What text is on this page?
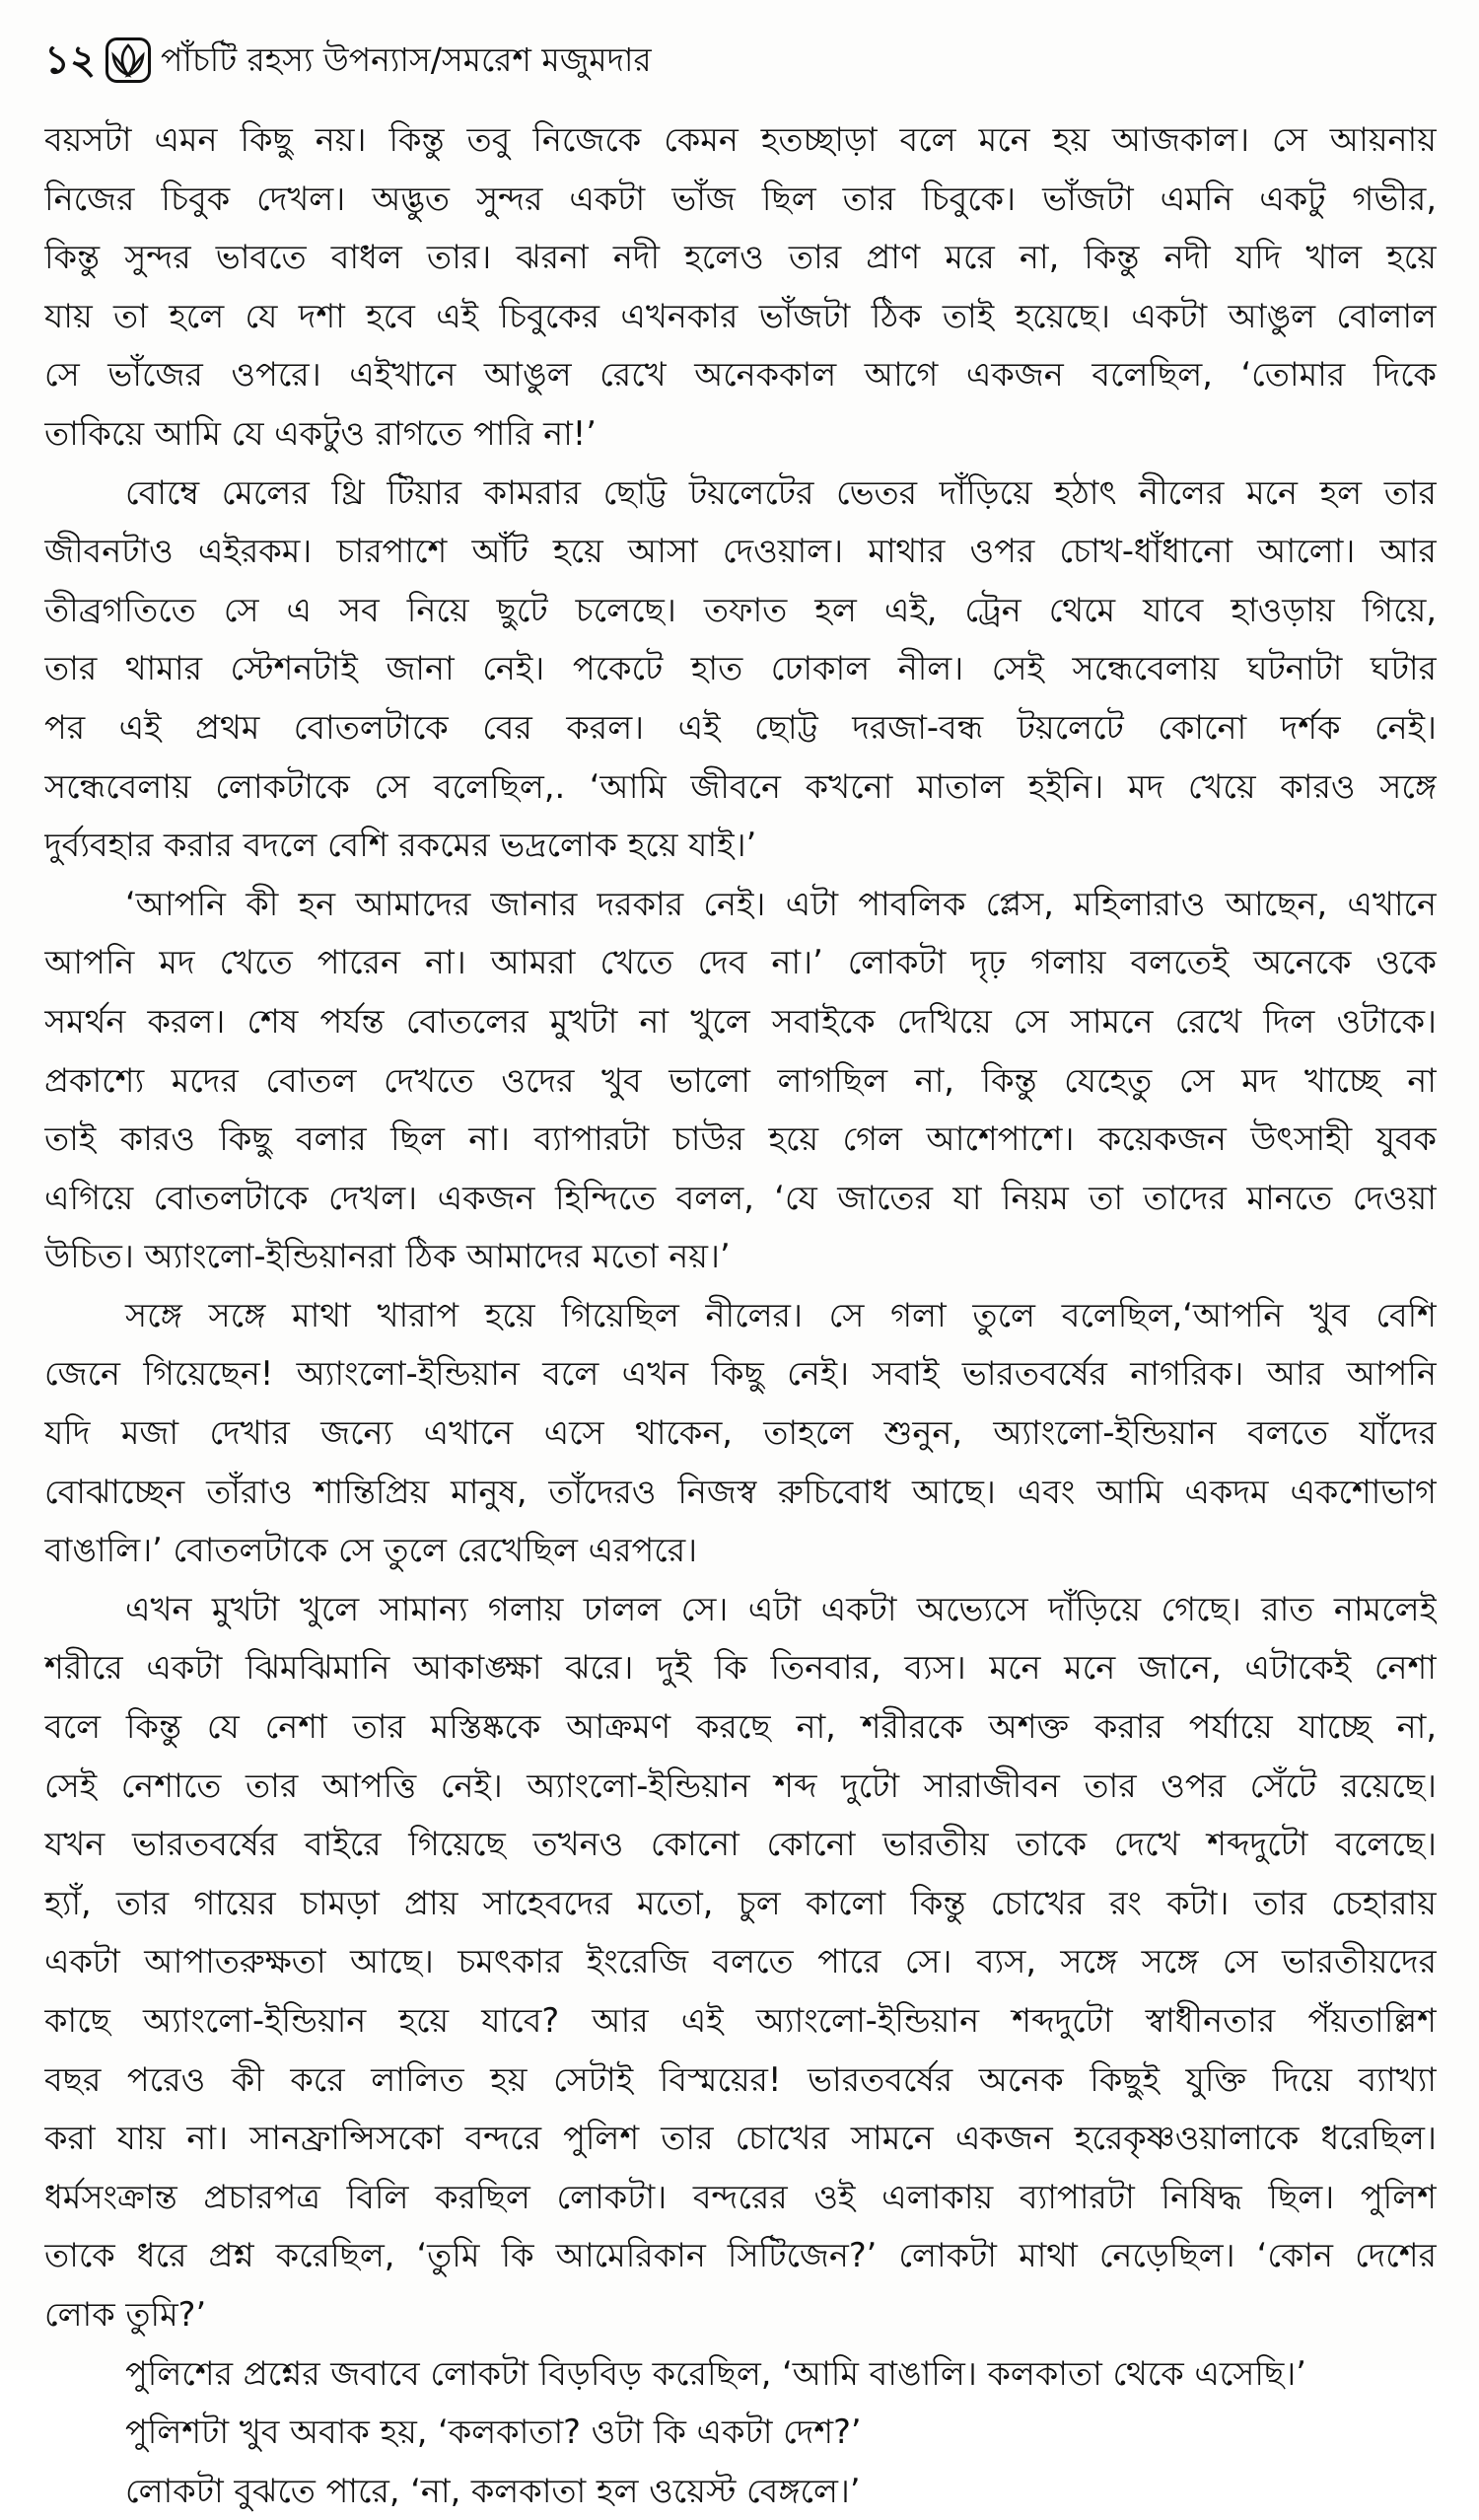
১২ পাঁচটি রহস্য উপন্যাস/সমরেশ মজুমদার
বয়সটা এমন কিছু নয়। কিন্তু তবু নিজেকে কেমন হতচ্ছাড়া বলে মনে হয় আজকাল। সে আয়নায়
নিজের চিবুক দেখল। অদ্ভুত সুন্দর একটা ভাঁজ ছিল তার চিবুকে। ভাঁজটা এমনি একটু গভীর,
কিন্তু সুন্দর ভাবতে বাধল তার। ঝরনা নদী হলেও তার প্রাণ মরে না, কিন্তু নদী যদি খাল হয়ে
যায় তা হলে যে দশা হবে এই চিবুকের এখনকার ভাঁজটা ঠিক তাই হয়েছে। একটা আঙুল বোলাল
সে ভাঁজের ওপরে। এইখানে আঙুল রেখে অনেককাল আগে একজন বলেছিল, ‘তোমার দিকে
তাকিয়ে আমি যে একটুও রাগতে পারি না!’
বোম্বে মেলের থ্রি টিয়ার কামরার ছোট্ট টয়লেটের ভেতর দাঁড়িয়ে হঠাৎ নীলের মনে হল তার
জীবনটাও এইরকম। চারপাশে আঁট হয়ে আসা দেওয়াল। মাথার ওপর চোখ-ধাঁধানো আলো। আর
তীব্রগতিতে সে এ সব নিয়ে ছুটে চলেছে। তফাত হল এই, ট্রেন থেমে যাবে হাওড়ায় গিয়ে,
তার থামার স্টেশনটাই জানা নেই। পকেটে হাত ঢোকাল নীল। সেই সন্ধেবেলায় ঘটনাটা ঘটার
পর এই প্রথম বোতলটাকে বের করল। এই ছোট্ট দরজা-বন্ধ টয়লেটে কোনো দর্শক নেই।
সন্ধেবেলায় লোকটাকে সে বলেছিল,. ‘আমি জীবনে কখনো মাতাল হইনি। মদ খেয়ে কারও সঙ্গে
দুর্ব্যবহার করার বদলে বেশি রকমের ভদ্রলোক হয়ে যাই।’
‘আপনি কী হন আমাদের জানার দরকার নেই। এটা পাবলিক প্লেস, মহিলারাও আছেন, এখানে
আপনি মদ খেতে পারেন না। আমরা খেতে দেব না।’ লোকটা দৃঢ় গলায় বলতেই অনেকে ওকে
সমর্থন করল। শেষ পর্যন্ত বোতলের মুখটা না খুলে সবাইকে দেখিয়ে সে সামনে রেখে দিল ওটাকে।
প্রকাশ্যে মদের বোতল দেখতে ওদের খুব ভালো লাগছিল না, কিন্তু যেহেতু সে মদ খাচ্ছে না
তাই কারও কিছু বলার ছিল না। ব্যাপারটা চাউর হয়ে গেল আশেপাশে। কয়েকজন উৎসাহী যুবক
এগিয়ে বোতলটাকে দেখল। একজন হিন্দিতে বলল, ‘যে জাতের যা নিয়ম তা তাদের মানতে দেওয়া
উচিত। অ্যাংলো-ইন্ডিয়ানরা ঠিক আমাদের মতো নয়।’
সঙ্গে সঙ্গে মাথা খারাপ হয়ে গিয়েছিল নীলের। সে গলা তুলে বলেছিল,‘আপনি খুব বেশি
জেনে গিয়েছেন! অ্যাংলো-ইন্ডিয়ান বলে এখন কিছু নেই। সবাই ভারতবর্ষের নাগরিক। আর আপনি
যদি মজা দেখার জন্যে এখানে এসে থাকেন, তাহলে শুনুন, অ্যাংলো-ইন্ডিয়ান বলতে যাঁদের
বোঝাচ্ছেন তাঁরাও শান্তিপ্রিয় মানুষ, তাঁদেরও নিজস্ব রুচিবোধ আছে। এবং আমি একদম একশোভাগ
বাঙালি।’ বোতলটাকে সে তুলে রেখেছিল এরপরে।
এখন মুখটা খুলে সামান্য গলায় ঢালল সে। এটা একটা অভ্যেসে দাঁড়িয়ে গেছে। রাত নামলেই
শরীরে একটা ঝিমঝিমানি আকাঙ্ক্ষা ঝরে। দুই কি তিনবার, ব্যস। মনে মনে জানে, এটাকেই নেশা
বলে কিন্তু যে নেশা তার মস্তিষ্ককে আক্রমণ করছে না, শরীরকে অশক্ত করার পর্যায়ে যাচ্ছে না,
সেই নেশাতে তার আপত্তি নেই। অ্যাংলো-ইন্ডিয়ান শব্দ দুটো সারাজীবন তার ওপর সেঁটে রয়েছে।
যখন ভারতবর্ষের বাইরে গিয়েছে তখনও কোনো কোনো ভারতীয় তাকে দেখে শব্দদুটো বলেছে।
হ্যাঁ, তার গায়ের চামড়া প্রায় সাহেবদের মতো, চুল কালো কিন্তু চোখের রং কটা। তার চেহারায়
একটা আপাতরুক্ষতা আছে। চমৎকার ইংরেজি বলতে পারে সে। ব্যস, সঙ্গে সঙ্গে সে ভারতীয়দের
কাছে অ্যাংলো-ইন্ডিয়ান হয়ে যাবে? আর এই অ্যাংলো-ইন্ডিয়ান শব্দদুটো স্বাধীনতার পঁয়তাল্লিশ
বছর পরেও কী করে লালিত হয় সেটাই বিস্ময়ের! ভারতবর্ষের অনেক কিছুই যুক্তি দিয়ে ব্যাখ্যা
করা যায় না। সানফ্রান্সিসকো বন্দরে পুলিশ তার চোখের সামনে একজন হরেকৃষ্ণওয়ালাকে ধরেছিল।
ধর্মসংক্রান্ত প্রচারপত্র বিলি করছিল লোকটা। বন্দরের ওই এলাকায় ব্যাপারটা নিষিদ্ধ ছিল। পুলিশ
তাকে ধরে প্রশ্ন করেছিল, ‘তুমি কি আমেরিকান সিটিজেন?’ লোকটা মাথা নেড়েছিল। ‘কোন দেশের
লোক তুমি?’
পুলিশের প্রশ্নের জবাবে লোকটা বিড়বিড় করেছিল, ‘আমি বাঙালি। কলকাতা থেকে এসেছি।’
পুলিশটা খুব অবাক হয়, ‘কলকাতা? ওটা কি একটা দেশ?’
লোকটা বুঝতে পারে, ‘না, কলকাতা হল ওয়েস্ট বেঙ্গলে।’
